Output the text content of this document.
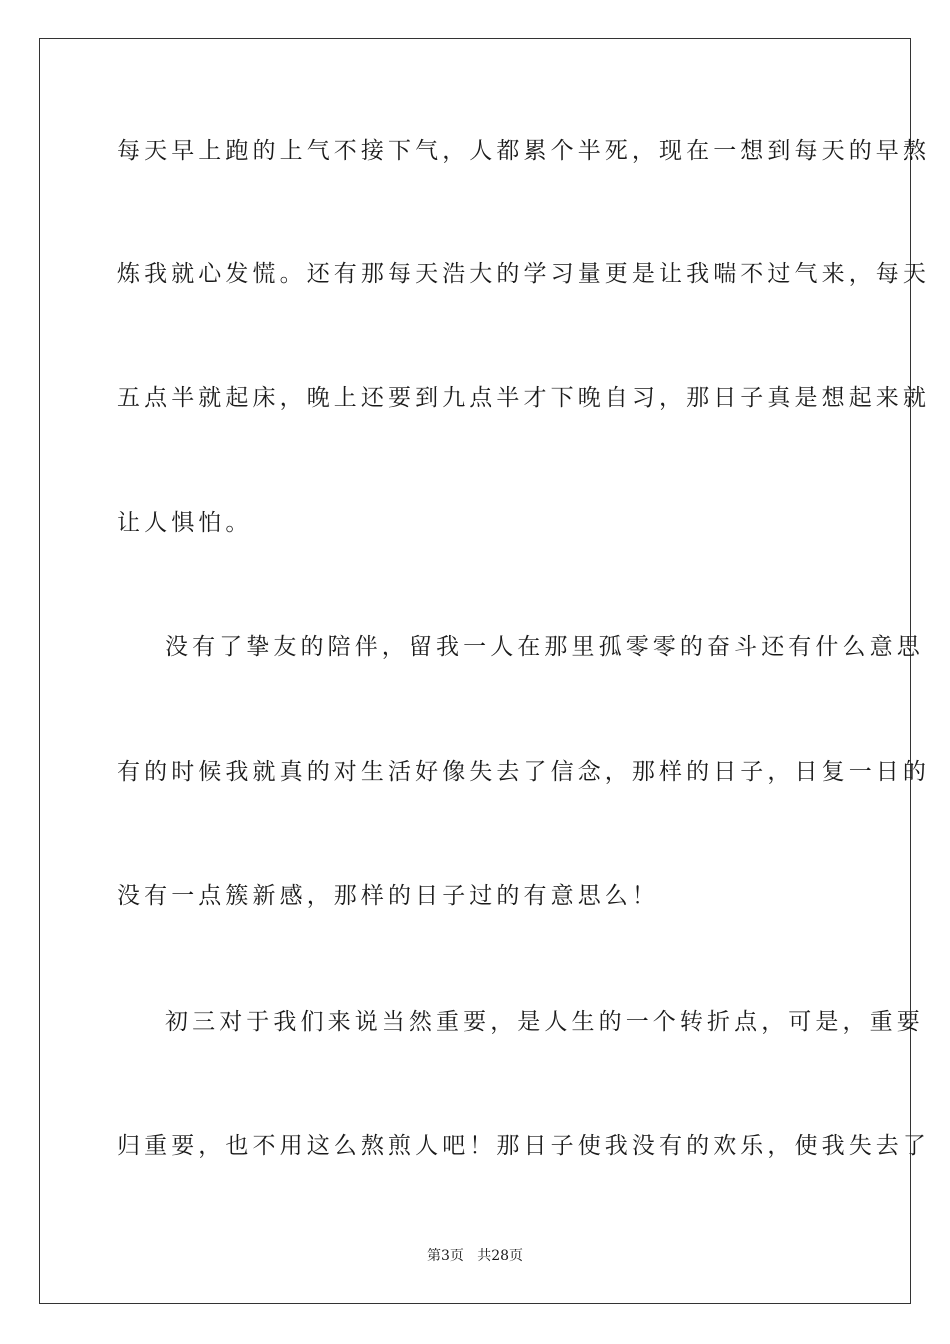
每天早上跑的上气不接下气，人都累个半死，现在一想到每天的早熬
炼我就心发慌。还有那每天浩大的学习量更是让我喘不过气来，每天
五点半就起床，晚上还要到九点半才下晚自习，那日子真是想起来就
让人惧怕。
没有了挚友的陪伴，留我一人在那里孤零零的奋斗还有什么意思
有的时候我就真的对生活好像失去了信念，那样的日子，日复一日的
没有一点簇新感，那样的日子过的有意思么！
初三对于我们来说当然重要，是人生的一个转折点，可是，重要
归重要，也不用这么熬煎人吧！那日子使我没有的欢乐，使我失去了
第3页   共28页
